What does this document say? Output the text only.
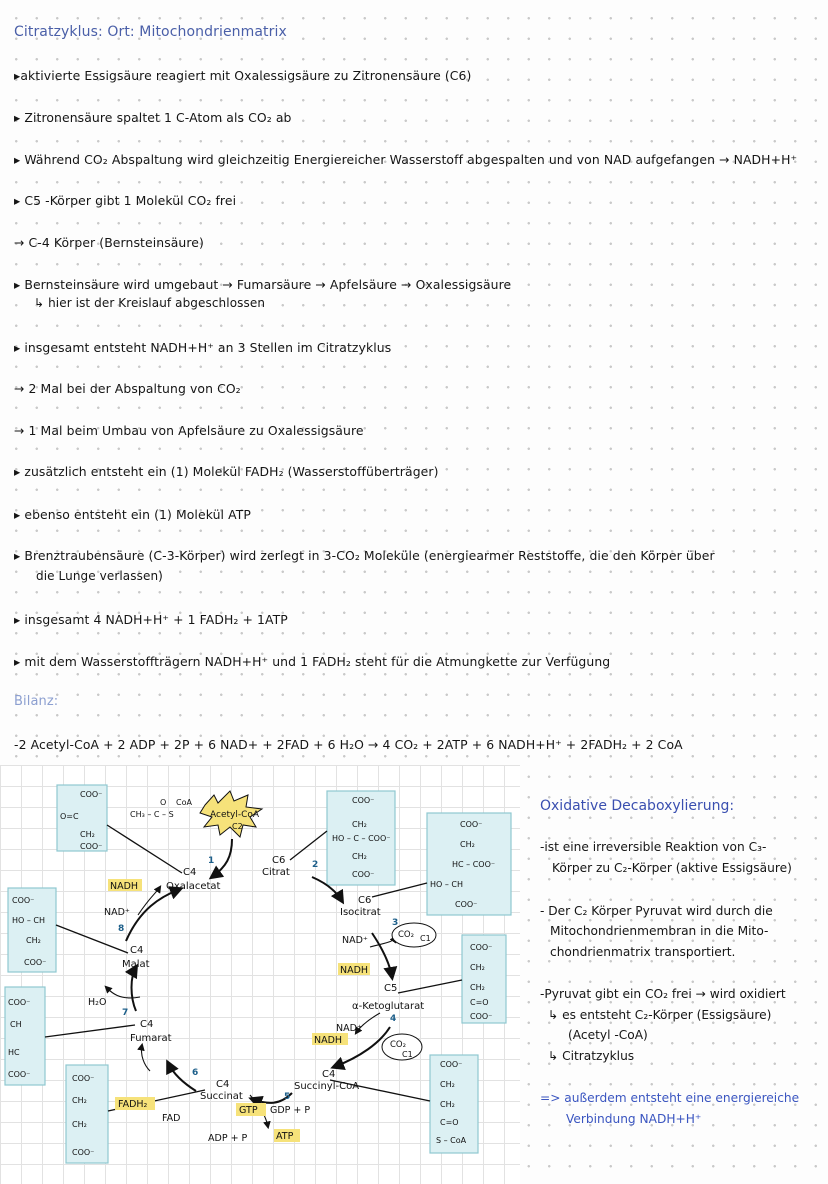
Citratzyklus: Ort: Mitochondrienmatrix
▸aktivierte Essigsäure reagiert mit Oxalessigsäure zu Zitronensäure (C6)
▸ Zitronensäure spaltet 1 C-Atom als CO₂ ab
▸ Während CO₂ Abspaltung wird gleichzeitig Energiereicher Wasserstoff abgespalten und von NAD aufgefangen → NADH+H⁺
▸ C5 -Körper gibt 1 Molekül CO₂ frei
→ C-4 Körper (Bernsteinsäure)
▸ Bernsteinsäure wird umgebaut → Fumarsäure → Apfelsäure → Oxalessigsäure
↳ hier ist der Kreislauf abgeschlossen
▸ insgesamt entsteht NADH+H⁺ an 3 Stellen im Citratzyklus
→ 2 Mal bei der Abspaltung von CO₂
→ 1 Mal beim Umbau von Apfelsäure zu Oxalessigsäure
▸ zusätzlich entsteht ein (1) Molekül FADH₂ (Wasserstoffüberträger)
▸ ebenso entsteht ein (1) Molekül ATP
▸ Brenztraubensäure (C-3-Körper) wird zerlegt in 3-CO₂ Moleküle (energiearmer Reststoffe, die den Körper über
die Lunge verlassen)
▸ insgesamt 4 NADH+H⁺ + 1 FADH₂ + 1ATP
▸ mit dem Wasserstoffträgern NADH+H⁺ und 1 FADH₂ steht für die Atmungkette zur Verfügung
Bilanz:
-2 Acetyl-CoA + 2 ADP + 2P + 6 NAD+ + 2FAD + 6 H₂O → 4 CO₂ + 2ATP + 6 NADH+H⁺ + 2FADH₂ + 2 CoA
COO⁻
O=C
CH₂
COO⁻
CH₃ – C – S
O CoA	COO⁻
CH₂
HO – C – COO⁻
CH₂
COO⁻
COO⁻
CH₂
HC – COO⁻
HO – CH
COO⁻
COO⁻
HO – CH
CH₂
COO⁻
COO⁻
CH₂
CH₂
C=O
COO⁻
COO⁻
CH
HC
COO⁻	COO⁻
CH₂
CH₂
COO⁻
COO⁻
CH₂
CH₂
C=O
S – CoA
Acetyl-CoA
C2
CO₂ C1
CO₂
C1
C4
Oxalacetat
C6
Citrat
C6
Isocitrat
C5
α-Ketoglutarat
C4
Succinyl-CoA
C4
Succinat
C4
Fumarat
C4
Malat
NADH
NAD⁺
NAD⁺
NADH
NAD⁺
NADH
FADH₂
FAD
H₂O
GTP GDP + P
ADP + P	ATP
1	2
3
4
5
6
7
8
Oxidative Decaboxylierung:
-ist eine irreversible Reaktion von C₃-
Körper zu C₂-Körper (aktive Essigsäure)
- Der C₂ Körper Pyruvat wird durch die
Mitochondrienmembran in die Mito-
chondrienmatrix transportiert.
-Pyruvat gibt ein CO₂ frei → wird oxidiert
↳ es entsteht C₂-Körper (Essigsäure)
(Acetyl -CoA)
↳ Citratzyklus
=> außerdem entsteht eine energiereiche
Verbindung NADH+H⁺
